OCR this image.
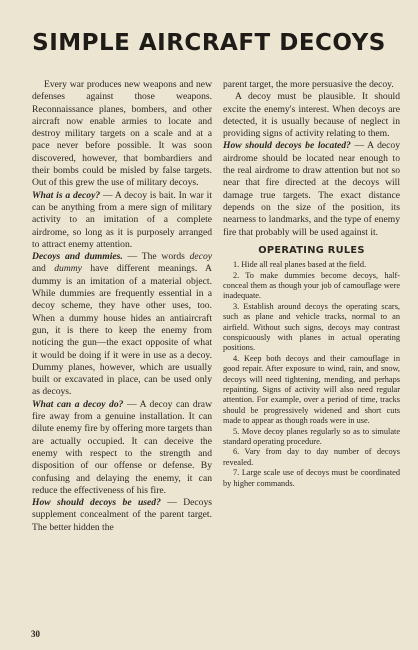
SIMPLE AIRCRAFT DECOYS

Every war produces new weapons and new defenses against those weapons. Reconnaissance planes, bombers, and other aircraft now enable armies to locate and destroy military targets on a scale and at a pace never before possible. It was soon discovered, however, that bombardiers and their bombs could be misled by false targets. Out of this grew the use of military decoys.

What is a decoy? — A decoy is bait. In war it can be anything from a mere sign of military activity to an imitation of a complete airdrome, so long as it is purposely arranged to attract enemy attention.

Decoys and dummies. — The words decoy and dummy have different meanings. A dummy is an imitation of a material object. While dummies are frequently essential in a decoy scheme, they have other uses, too. When a dummy house hides an antiaircraft gun, it is there to keep the enemy from noticing the gun—the exact opposite of what it would be doing if it were in use as a decoy. Dummy planes, however, which are usually built or excavated in place, can be used only as decoys.

What can a decoy do? — A decoy can draw fire away from a genuine installation. It can dilute enemy fire by offering more targets than are actually occupied. It can deceive the enemy with respect to the strength and disposition of our offense or defense. By confusing and delaying the enemy, it can reduce the effectiveness of his fire.

How should decoys be used? — Decoys supplement concealment of the parent target. The better hidden the

parent target, the more persuasive the decoy.

A decoy must be plausible. It should excite the enemy's interest. When decoys are detected, it is usually because of neglect in providing signs of activity relating to them.

How should decoys be located? — A decoy airdrome should be located near enough to the real airdrome to draw attention but not so near that fire directed at the decoys will damage true targets. The exact distance depends on the size of the position, its nearness to landmarks, and the type of enemy fire that probably will be used against it.

OPERATING RULES

1. Hide all real planes based at the field.

2. To make dummies become decoys, half-conceal them as though your job of camouflage were inadequate.

3. Establish around decoys the operating scars, such as plane and vehicle tracks, normal to an airfield. Without such signs, decoys may contrast conspicuously with planes in actual operating positions.

4. Keep both decoys and their camouflage in good repair. After exposure to wind, rain, and snow, decoys will need tightening, mending, and perhaps repainting. Signs of activity will also need regular attention. For example, over a period of time, tracks should be progressively widened and short cuts made to appear as though roads were in use.

5. Move decoy planes regularly so as to simulate standard operating procedure.

6. Vary from day to day number of decoys revealed.

7. Large scale use of decoys must be coordinated by higher commands.

30
